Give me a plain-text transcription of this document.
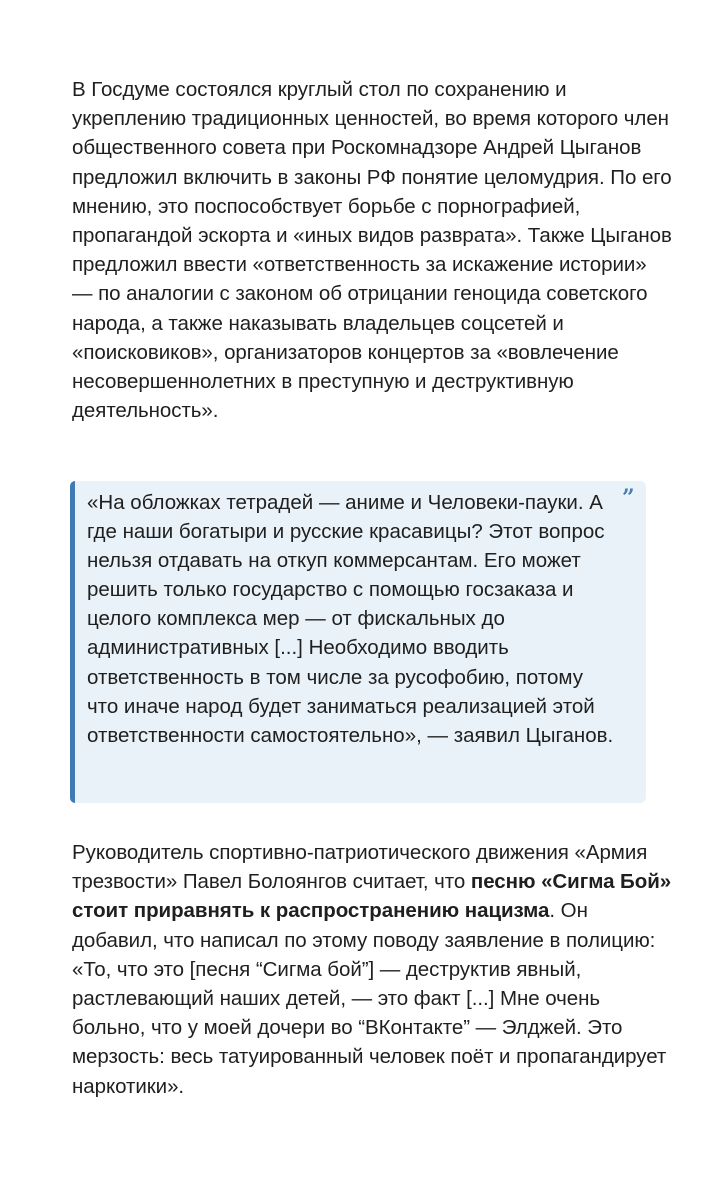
В Госдуме состоялся круглый стол по сохранению и укреплению традиционных ценностей, во время которого член общественного совета при Роскомнадзоре Андрей Цыганов предложил включить в законы РФ понятие целомудрия. По его мнению, это поспособствует борьбе с порнографией, пропагандой эскорта и «иных видов разврата». Также Цыганов предложил ввести «ответственность за искажение истории» — по аналогии с законом об отрицании геноцида советского народа, а также наказывать владельцев соцсетей и «поисковиков», организаторов концертов за «вовлечение несовершеннолетних в преступную и деструктивную деятельность».

«На обложках тетрадей — аниме и Человеки-пауки. А где наши богатыри и русские красавицы? Этот вопрос нельзя отдавать на откуп коммерсантам. Его может решить только государство с помощью госзаказа и целого комплекса мер — от фискальных до административных [...] Необходимо вводить ответственность в том числе за русофобию, потому что иначе народ будет заниматься реализацией этой ответственности самостоятельно», — заявил Цыганов.

”

Руководитель спортивно-патриотического движения «Армия трезвости» Павел Болоянгов считает, что песню «Сигма Бой» стоит приравнять к распространению нацизма. Он добавил, что написал по этому поводу заявление в полицию: «То, что это [песня “Сигма бой”] — деструктив явный, растлевающий наших детей, — это факт [...] Мне очень больно, что у моей дочери во “ВКонтакте” — Элджей. Это мерзость: весь татуированный человек поёт и пропагандирует наркотики».
